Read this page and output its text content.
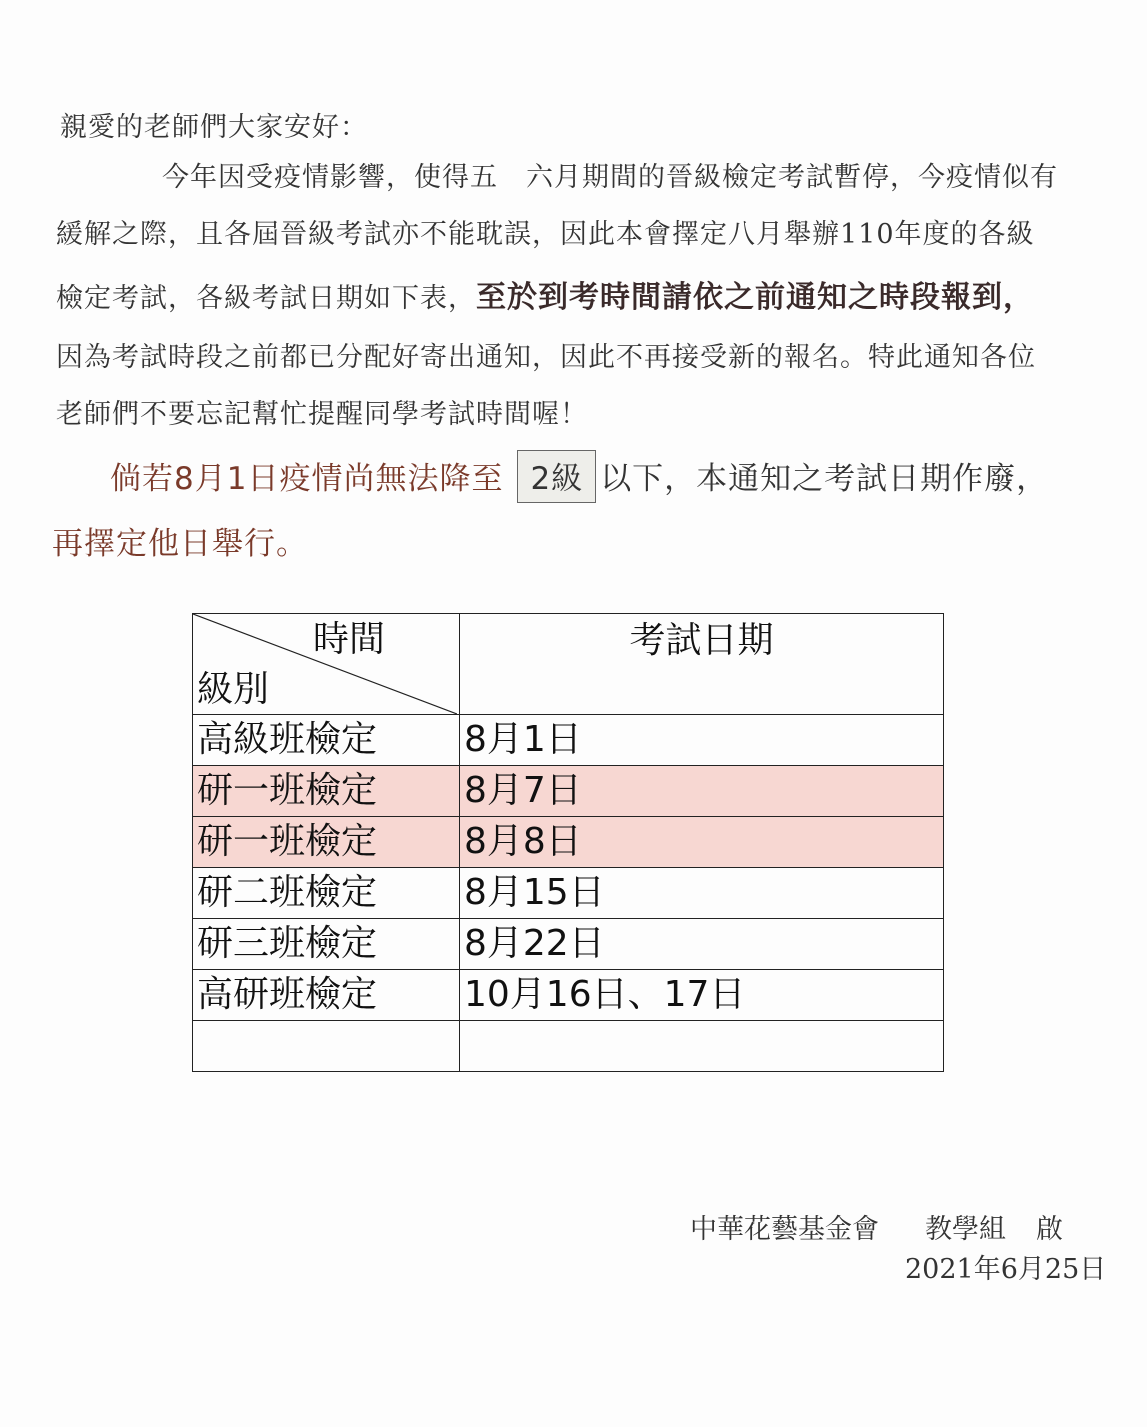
親愛的老師們大家安好：
今年因受疫情影響，使得五　六月期間的晉級檢定考試暫停，今疫情似有
緩解之際，且各屆晉級考試亦不能耽誤，因此本會擇定八月舉辦110年度的各級
檢定考試，各級考試日期如下表，至於到考時間請依之前通知之時段報到，
因為考試時段之前都已分配好寄出通知，因此不再接受新的報名。特此通知各位
老師們不要忘記幫忙提醒同學考試時間喔！
倘若8月1日疫情尚無法降至 2級 以下，本通知之考試日期作廢，
再擇定他日舉行。
時間
級別	考試日期
高級班檢定	8月1日
研一班檢定	8月7日
研一班檢定	8月8日
研二班檢定	8月15日
研三班檢定	8月22日
高研班檢定	10月16日、17日

中華花藝基金會 教學組 啟
2021年6月25日
